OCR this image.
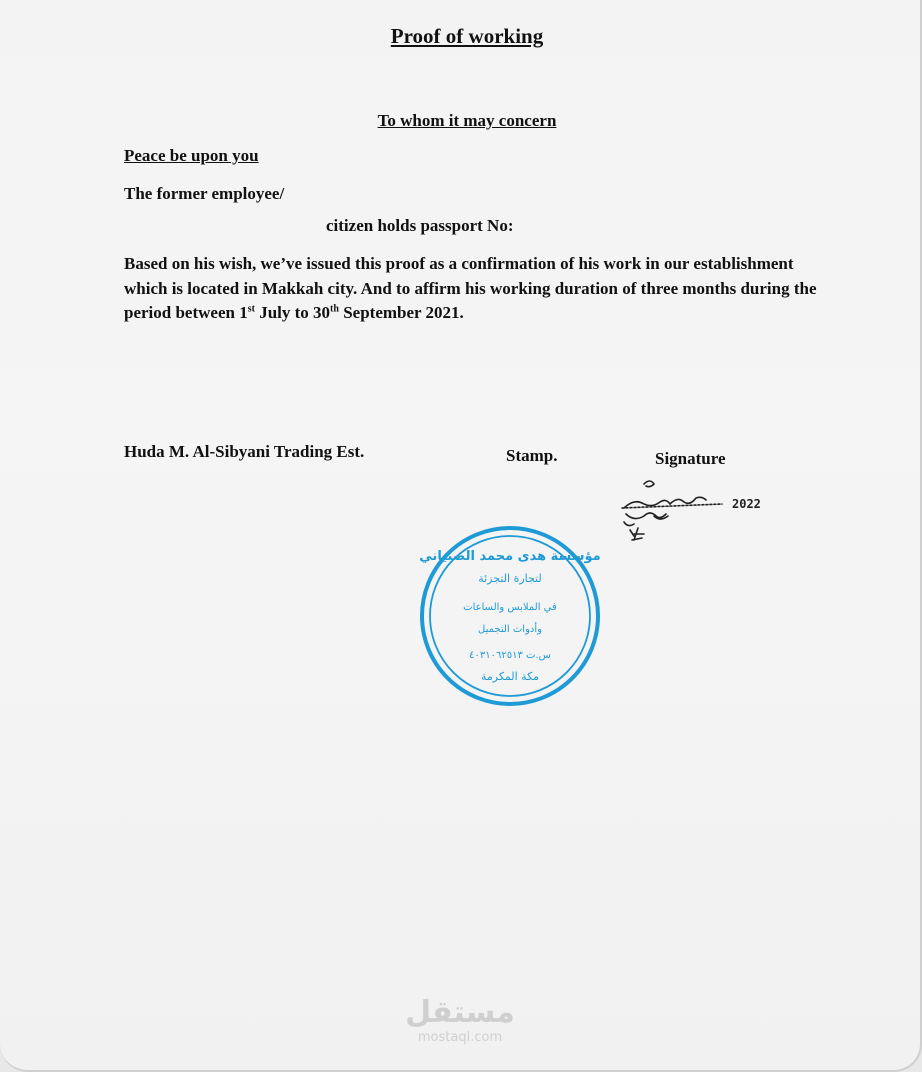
Proof of working
To whom it may concern
Peace be upon you
The former employee/
citizen holds passport No:
Based on his wish, we’ve issued this proof as a confirmation of his work in our establishment which is located in Makkah city. And to affirm his working duration of three months during the period between 1st July to 30th September 2021.
Huda M. Al-Sibyani Trading Est.	Stamp.	Signature
2022
مؤسسة هدى محمد الصبياني
لتجارة التجزئة
في الملابس والساعات
وأدوات التجميل
س.ت ٤٠٣١٠٦٢٥١٣
مكة المكرمة
مستقل
mostaql.com
